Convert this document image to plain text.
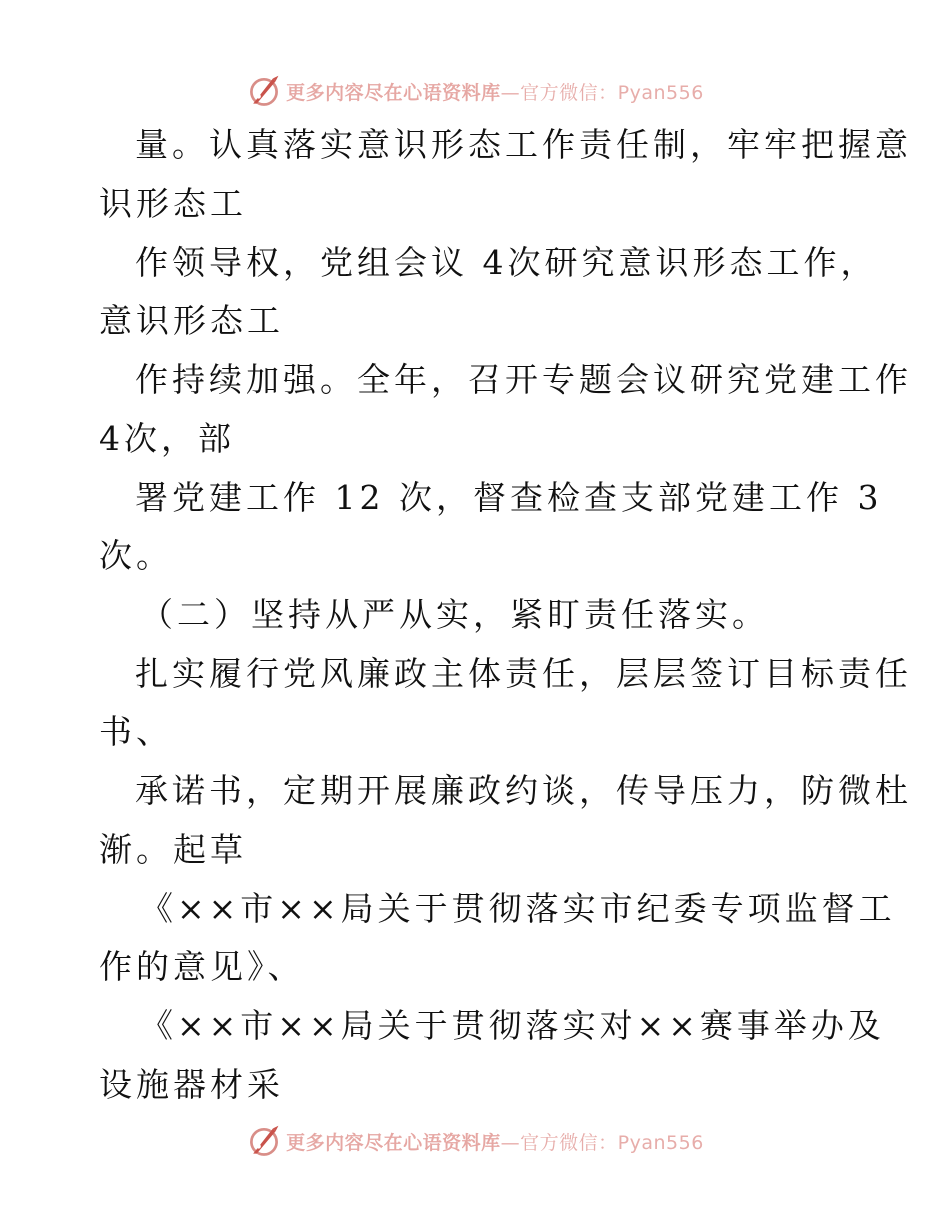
更多内容尽在心语资料库—官方微信：Pyan556
量。认真落实意识形态工作责任制，牢牢把握意
识形态工
作领导权，党组会议 4次研究意识形态工作，
意识形态工
作持续加强。全年，召开专题会议研究党建工作
4次，部
署党建工作 12 次，督查检查支部党建工作 3
次。
（二）坚持从严从实，紧盯责任落实。
扎实履行党风廉政主体责任，层层签订目标责任
书、
承诺书，定期开展廉政约谈，传导压力，防微杜
渐。起草
《××市××局关于贯彻落实市纪委专项监督工
作的意见》、
《××市××局关于贯彻落实对××赛事举办及
设施器材采
更多内容尽在心语资料库—官方微信：Pyan556
